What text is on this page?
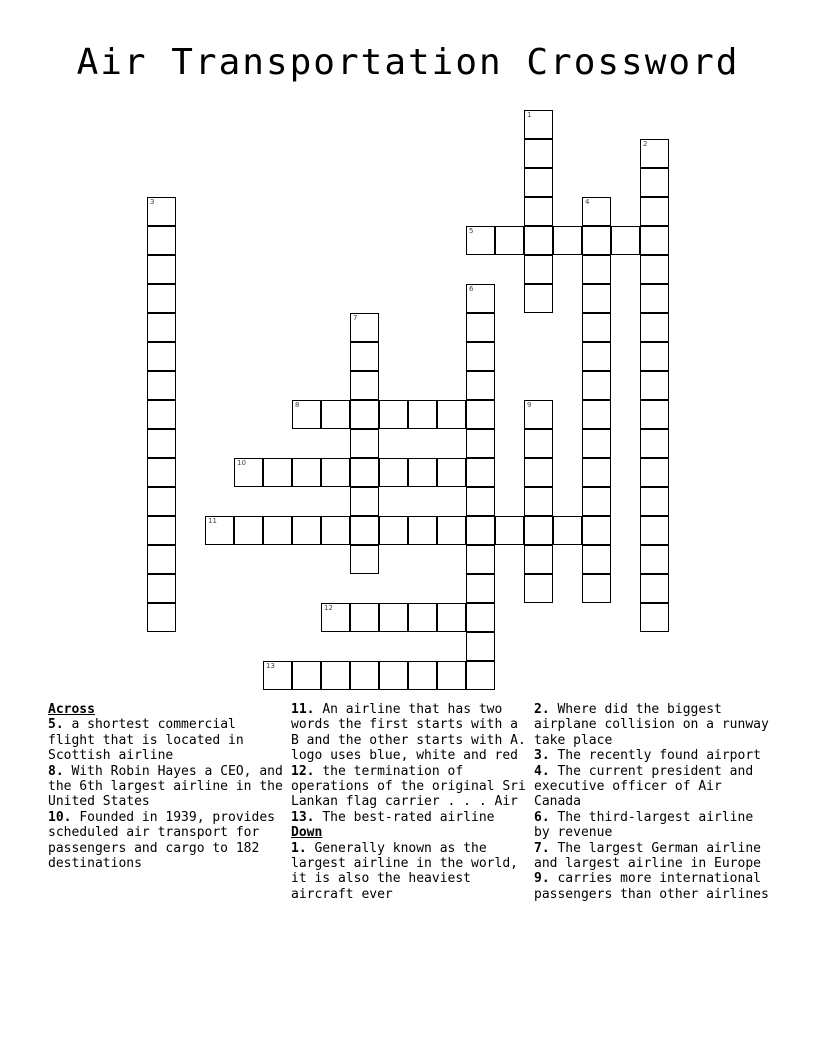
Air Transportation Crossword
5
8
10
11
12
13
1
2
3	4
6
7
9

Across

5. a shortest commercial flight that is located in Scottish airline

8. With Robin Hayes a CEO, and the 6th largest airline in the United States

10. Founded in 1939, provides scheduled air transport for passengers and cargo to 182 destinations

11. An airline that has two words the first starts with a B and the other starts with A. logo uses blue, white and red

12. the termination of operations of the original Sri Lankan flag carrier . . . Air

13. The best-rated airline

Down

1. Generally known as the largest airline in the world, it is also the heaviest aircraft ever

2. Where did the biggest airplane collision on a runway take place

3. The recently found airport

4. The current president and executive officer of Air Canada

6. The third-largest airline by revenue

7. The largest German airline and largest airline in Europe

9. carries more international passengers than other airlines
